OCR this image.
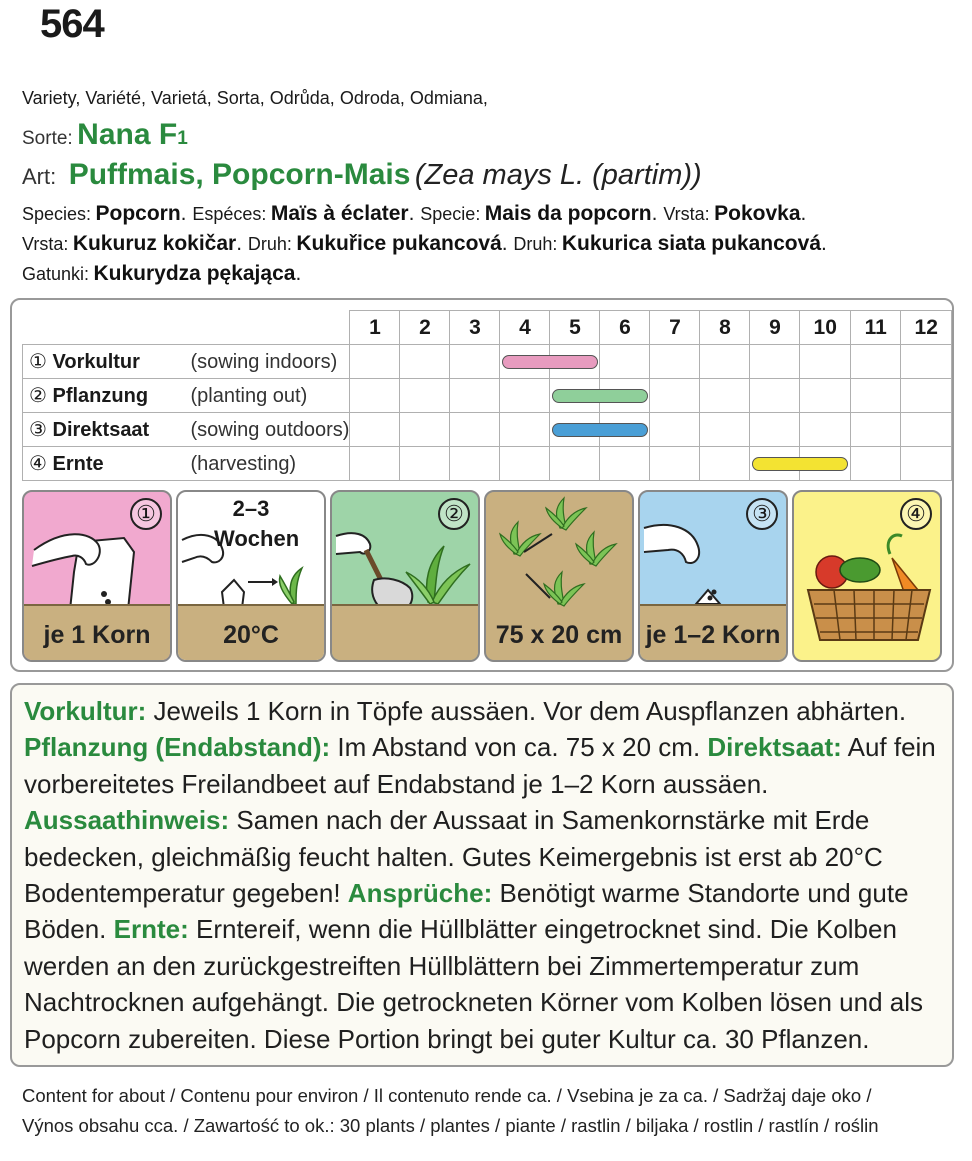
564
Variety, Variété, Varietá, Sorta, Odrůda, Odroda, Odmiana,
Sorte: Nana F1
Art: Puffmais, Popcorn-Mais (Zea mays L. (partim))
Species: Popcorn. Espéces: Maïs à éclater. Specie: Mais da popcorn. Vrsta: Pokovka.
Vrsta: Kukuruz kokičar. Druh: Kukuřice pukancová. Druh: Kukurica siata pukancová.
Gatunki: Kukurydza pękająca.
	1	2	3	4	5	6	7	8	9	10	11	12
① Vorkultur (sowing indoors)												
② Pflanzung (planting out)												
③ Direktsaat (sowing outdoors)												
④ Ernte (harvesting)												
①
je 1 Korn
2–3
Wochen
20°C
②
75 x 20 cm
③
je 1–2 Korn
④
Vorkultur: Jeweils 1 Korn in Töpfe aussäen. Vor dem Auspflanzen abhärten.
Pflanzung (Endabstand): Im Abstand von ca. 75 x 20 cm. Direktsaat: Auf fein vorbereitetes Freilandbeet auf Endabstand je 1–2 Korn aussäen.
Aussaathinweis: Samen nach der Aussaat in Samenkornstärke mit Erde bedecken, gleichmäßig feucht halten. Gutes Keimergebnis ist erst ab 20°C Bodentemperatur gegeben! Ansprüche: Benötigt warme Standorte und gute Böden. Ernte: Erntereif, wenn die Hüllblätter eingetrocknet sind. Die Kolben werden an den zurückgestreiften Hüllblättern bei Zimmertemperatur zum Nachtrocknen aufgehängt. Die getrockneten Körner vom Kolben lösen und als Popcorn zubereiten. Diese Portion bringt bei guter Kultur ca. 30 Pflanzen.
Content for about / Contenu pour environ / Il contenuto rende ca. / Vsebina je za ca. / Sadržaj daje oko /
Výnos obsahu cca. / Zawartość to ok.: 30 plants / plantes / piante / rastlin / biljaka / rostlin / rastlín / roślin
